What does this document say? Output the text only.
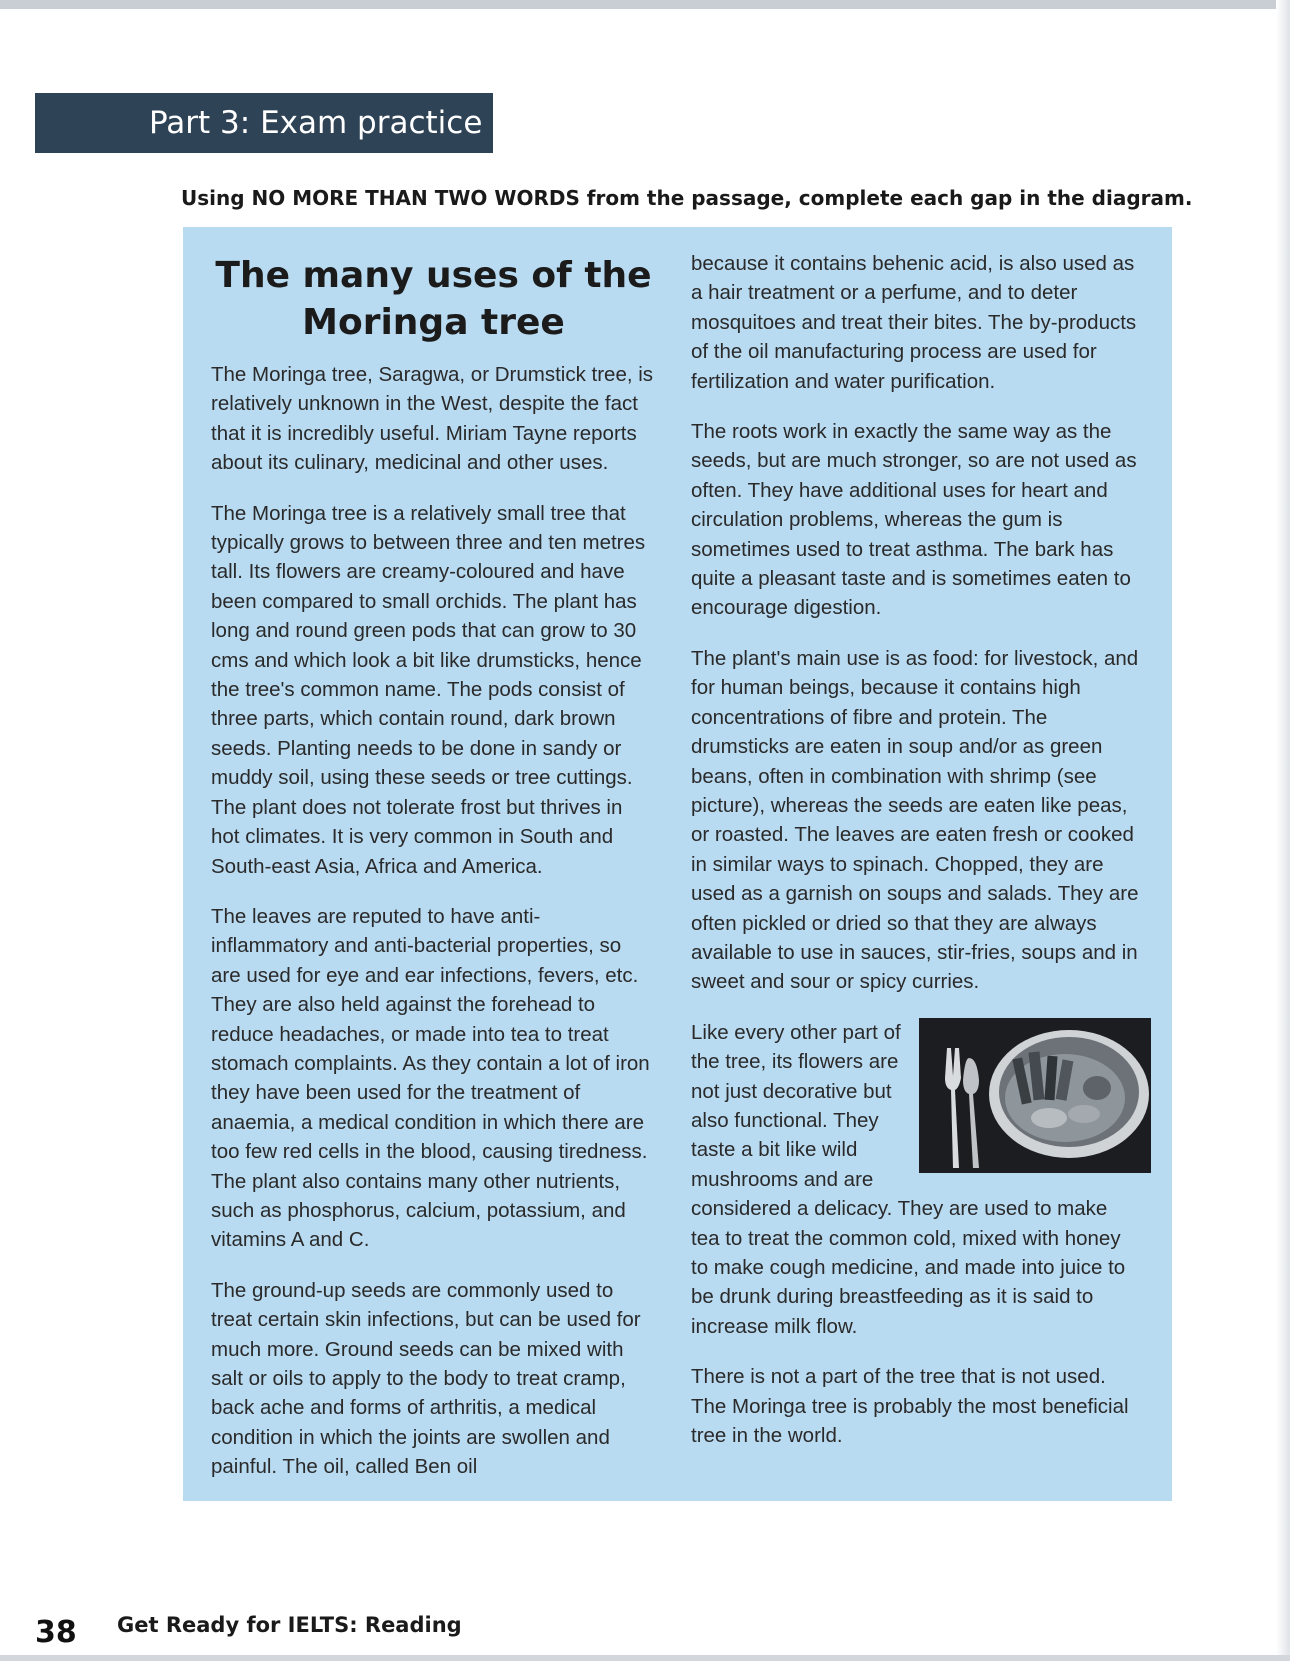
Part 3: Exam practice
Using NO MORE THAN TWO WORDS from the passage, complete each gap in the diagram.
The many uses of the Moringa tree

The Moringa tree, Saragwa, or Drumstick tree, is relatively unknown in the West, despite the fact that it is incredibly useful. Miriam Tayne reports about its culinary, medicinal and other uses.

The Moringa tree is a relatively small tree that typically grows to between three and ten metres tall. Its flowers are creamy-coloured and have been compared to small orchids. The plant has long and round green pods that can grow to 30 cms and which look a bit like drumsticks, hence the tree's common name. The pods consist of three parts, which contain round, dark brown seeds. Planting needs to be done in sandy or muddy soil, using these seeds or tree cuttings. The plant does not tolerate frost but thrives in hot climates. It is very common in South and South-east Asia, Africa and America.

The leaves are reputed to have anti-inflammatory and anti-bacterial properties, so are used for eye and ear infections, fevers, etc. They are also held against the forehead to reduce headaches, or made into tea to treat stomach complaints. As they contain a lot of iron they have been used for the treatment of anaemia, a medical condition in which there are too few red cells in the blood, causing tiredness. The plant also contains many other nutrients, such as phosphorus, calcium, potassium, and vitamins A and C.

The ground-up seeds are commonly used to treat certain skin infections, but can be used for much more. Ground seeds can be mixed with salt or oils to apply to the body to treat cramp, back ache and forms of arthritis, a medical condition in which the joints are swollen and painful. The oil, called Ben oil

because it contains behenic acid, is also used as a hair treatment or a perfume, and to deter mosquitoes and treat their bites. The by-products of the oil manufacturing process are used for fertilization and water purification.

The roots work in exactly the same way as the seeds, but are much stronger, so are not used as often. They have additional uses for heart and circulation problems, whereas the gum is sometimes used to treat asthma. The bark has quite a pleasant taste and is sometimes eaten to encourage digestion.

The plant's main use is as food: for livestock, and for human beings, because it contains high concentrations of fibre and protein. The drumsticks are eaten in soup and/or as green beans, often in combination with shrimp (see picture), whereas the seeds are eaten like peas, or roasted. The leaves are eaten fresh or cooked in similar ways to spinach. Chopped, they are used as a garnish on soups and salads. They are often pickled or dried so that they are always available to use in sauces, stir-fries, soups and in sweet and sour or spicy curries.

Like every other part of the tree, its flowers are not just decorative but also functional. They taste a bit like wild mushrooms and are considered a delicacy. They are used to make tea to treat the common cold, mixed with honey to make cough medicine, and made into juice to be drunk during breastfeeding as it is said to increase milk flow.

There is not a part of the tree that is not used. The Moringa tree is probably the most beneficial tree in the world.

38 Get Ready for IELTS: Reading
